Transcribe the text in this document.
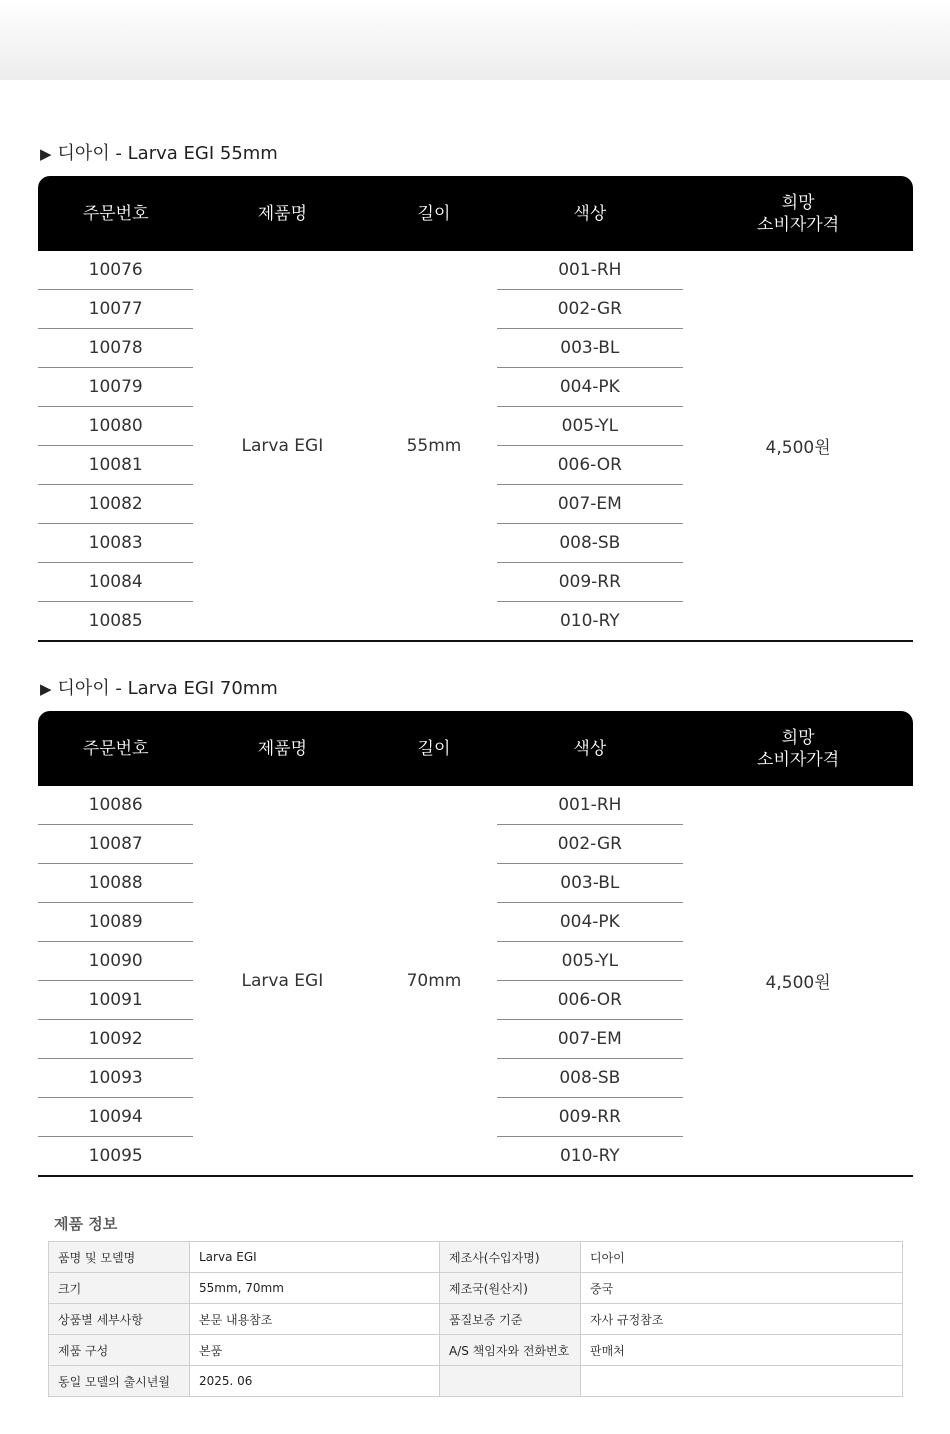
▶ 디아이 - Larva EGI 55mm
주문번호	제품명	길이	색상	희망
소비자가격
10076	Larva EGI	55mm	001-RH	4,500원
10077			002-GR	
10078			003-BL	
10079			004-PK	
10080			005-YL	
10081			006-OR	
10082			007-EM	
10083			008-SB	
10084			009-RR	
10085			010-RY	
▶ 디아이 - Larva EGI 70mm
주문번호	제품명	길이	색상	희망
소비자가격
10086	Larva EGI	70mm	001-RH	4,500원
10087			002-GR	
10088			003-BL	
10089			004-PK	
10090			005-YL	
10091			006-OR	
10092			007-EM	
10093			008-SB	
10094			009-RR	
10095			010-RY	
제품 정보
품명 및 모델명	Larva EGI	제조사(수입자명)	디아이
크기	55mm, 70mm	제조국(원산지)	중국
상품별 세부사항	본문 내용참조	품질보증 기준	자사 규정참조
제품 구성	본품	A/S 책임자와 전화번호	판매처
동일 모델의 출시년월	2025. 06		
